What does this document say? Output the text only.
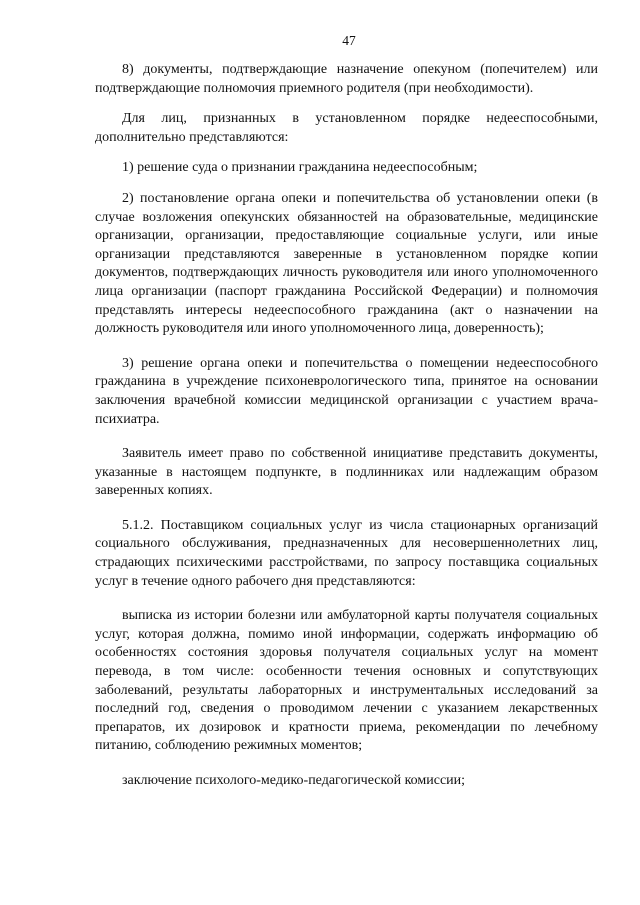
47

8) документы, подтверждающие назначение опекуном (попечителем) или подтверждающие полномочия приемного родителя (при необходимости).

Для лиц, признанных в установленном порядке недееспособными, дополнительно представляются:

1) решение суда о признании гражданина недееспособным;

2) постановление органа опеки и попечительства об установлении опеки (в случае возложения опекунских обязанностей на образовательные, медицинские организации, организации, предоставляющие социальные услуги, или иные организации представляются заверенные в установленном порядке копии документов, подтверждающих личность руководителя или иного уполномоченного лица организации (паспорт гражданина Российской Федерации) и полномочия представлять интересы недееспособного гражданина (акт о назначении на должность руководителя или иного уполномоченного лица, доверенность);

3) решение органа опеки и попечительства о помещении недееспособного гражданина в учреждение психоневрологического типа, принятое на основании заключения врачебной комиссии медицинской организации с участием врача-психиатра.

Заявитель имеет право по собственной инициативе представить документы, указанные в настоящем подпункте, в подлинниках или надлежащим образом заверенных копиях.

5.1.2. Поставщиком социальных услуг из числа стационарных организаций социального обслуживания, предназначенных для несовершеннолетних лиц, страдающих психическими расстройствами, по запросу поставщика социальных услуг в течение одного рабочего дня представляются:

выписка из истории болезни или амбулаторной карты получателя социальных услуг, которая должна, помимо иной информации, содержать информацию об особенностях состояния здоровья получателя социальных услуг на момент перевода, в том числе: особенности течения основных и сопутствующих заболеваний, результаты лабораторных и инструментальных исследований за последний год, сведения о проводимом лечении с указанием лекарственных препаратов, их дозировок и кратности приема, рекомендации по лечебному питанию, соблюдению режимных моментов;

заключение психолого-медико-педагогической комиссии;
